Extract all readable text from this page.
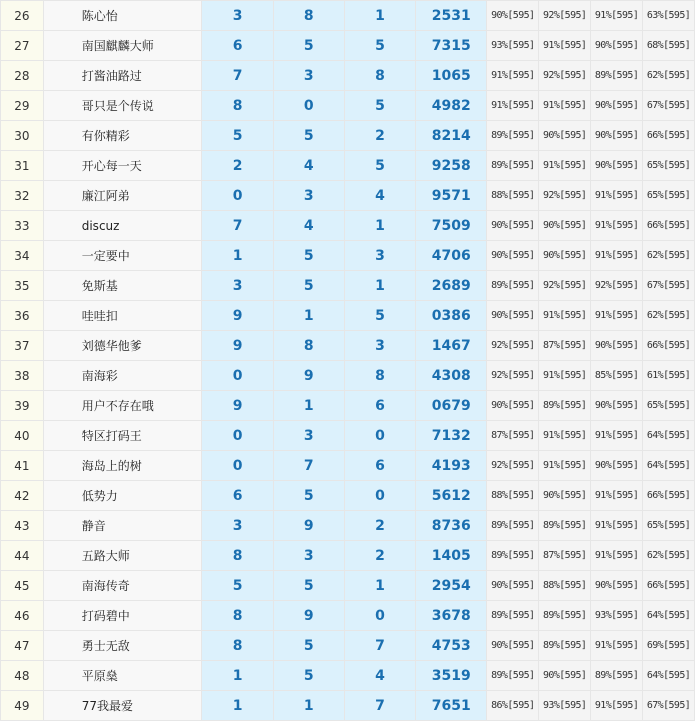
26	陈心怡	3	8	1	2531	90%[595]	92%[595]	91%[595]	63%[595]
27	南国麒麟大师	6	5	5	7315	93%[595]	91%[595]	90%[595]	68%[595]
28	打酱油路过	7	3	8	1065	91%[595]	92%[595]	89%[595]	62%[595]
29	哥只是个传说	8	0	5	4982	91%[595]	91%[595]	90%[595]	67%[595]
30	有你精彩	5	5	2	8214	89%[595]	90%[595]	90%[595]	66%[595]
31	开心每一天	2	4	5	9258	89%[595]	91%[595]	90%[595]	65%[595]
32	廉江阿弟	0	3	4	9571	88%[595]	92%[595]	91%[595]	65%[595]
33	discuz	7	4	1	7509	90%[595]	90%[595]	91%[595]	66%[595]
34	一定要中	1	5	3	4706	90%[595]	90%[595]	91%[595]	62%[595]
35	免斯基	3	5	1	2689	89%[595]	92%[595]	92%[595]	67%[595]
36	哇哇扣	9	1	5	0386	90%[595]	91%[595]	91%[595]	62%[595]
37	刘德华他爹	9	8	3	1467	92%[595]	87%[595]	90%[595]	66%[595]
38	南海彩	0	9	8	4308	92%[595]	91%[595]	85%[595]	61%[595]
39	用户不存在哦	9	1	6	0679	90%[595]	89%[595]	90%[595]	65%[595]
40	特区打码王	0	3	0	7132	87%[595]	91%[595]	91%[595]	64%[595]
41	海岛上的树	0	7	6	4193	92%[595]	91%[595]	90%[595]	64%[595]
42	低势力	6	5	0	5612	88%[595]	90%[595]	91%[595]	66%[595]
43	静音	3	9	2	8736	89%[595]	89%[595]	91%[595]	65%[595]
44	五路大师	8	3	2	1405	89%[595]	87%[595]	91%[595]	62%[595]
45	南海传奇	5	5	1	2954	90%[595]	88%[595]	90%[595]	66%[595]
46	打码碧中	8	9	0	3678	89%[595]	89%[595]	93%[595]	64%[595]
47	勇士无敌	8	5	7	4753	90%[595]	89%[595]	91%[595]	69%[595]
48	平原燊	1	5	4	3519	89%[595]	90%[595]	89%[595]	64%[595]
49	77我最爱	1	1	7	7651	86%[595]	93%[595]	91%[595]	67%[595]
